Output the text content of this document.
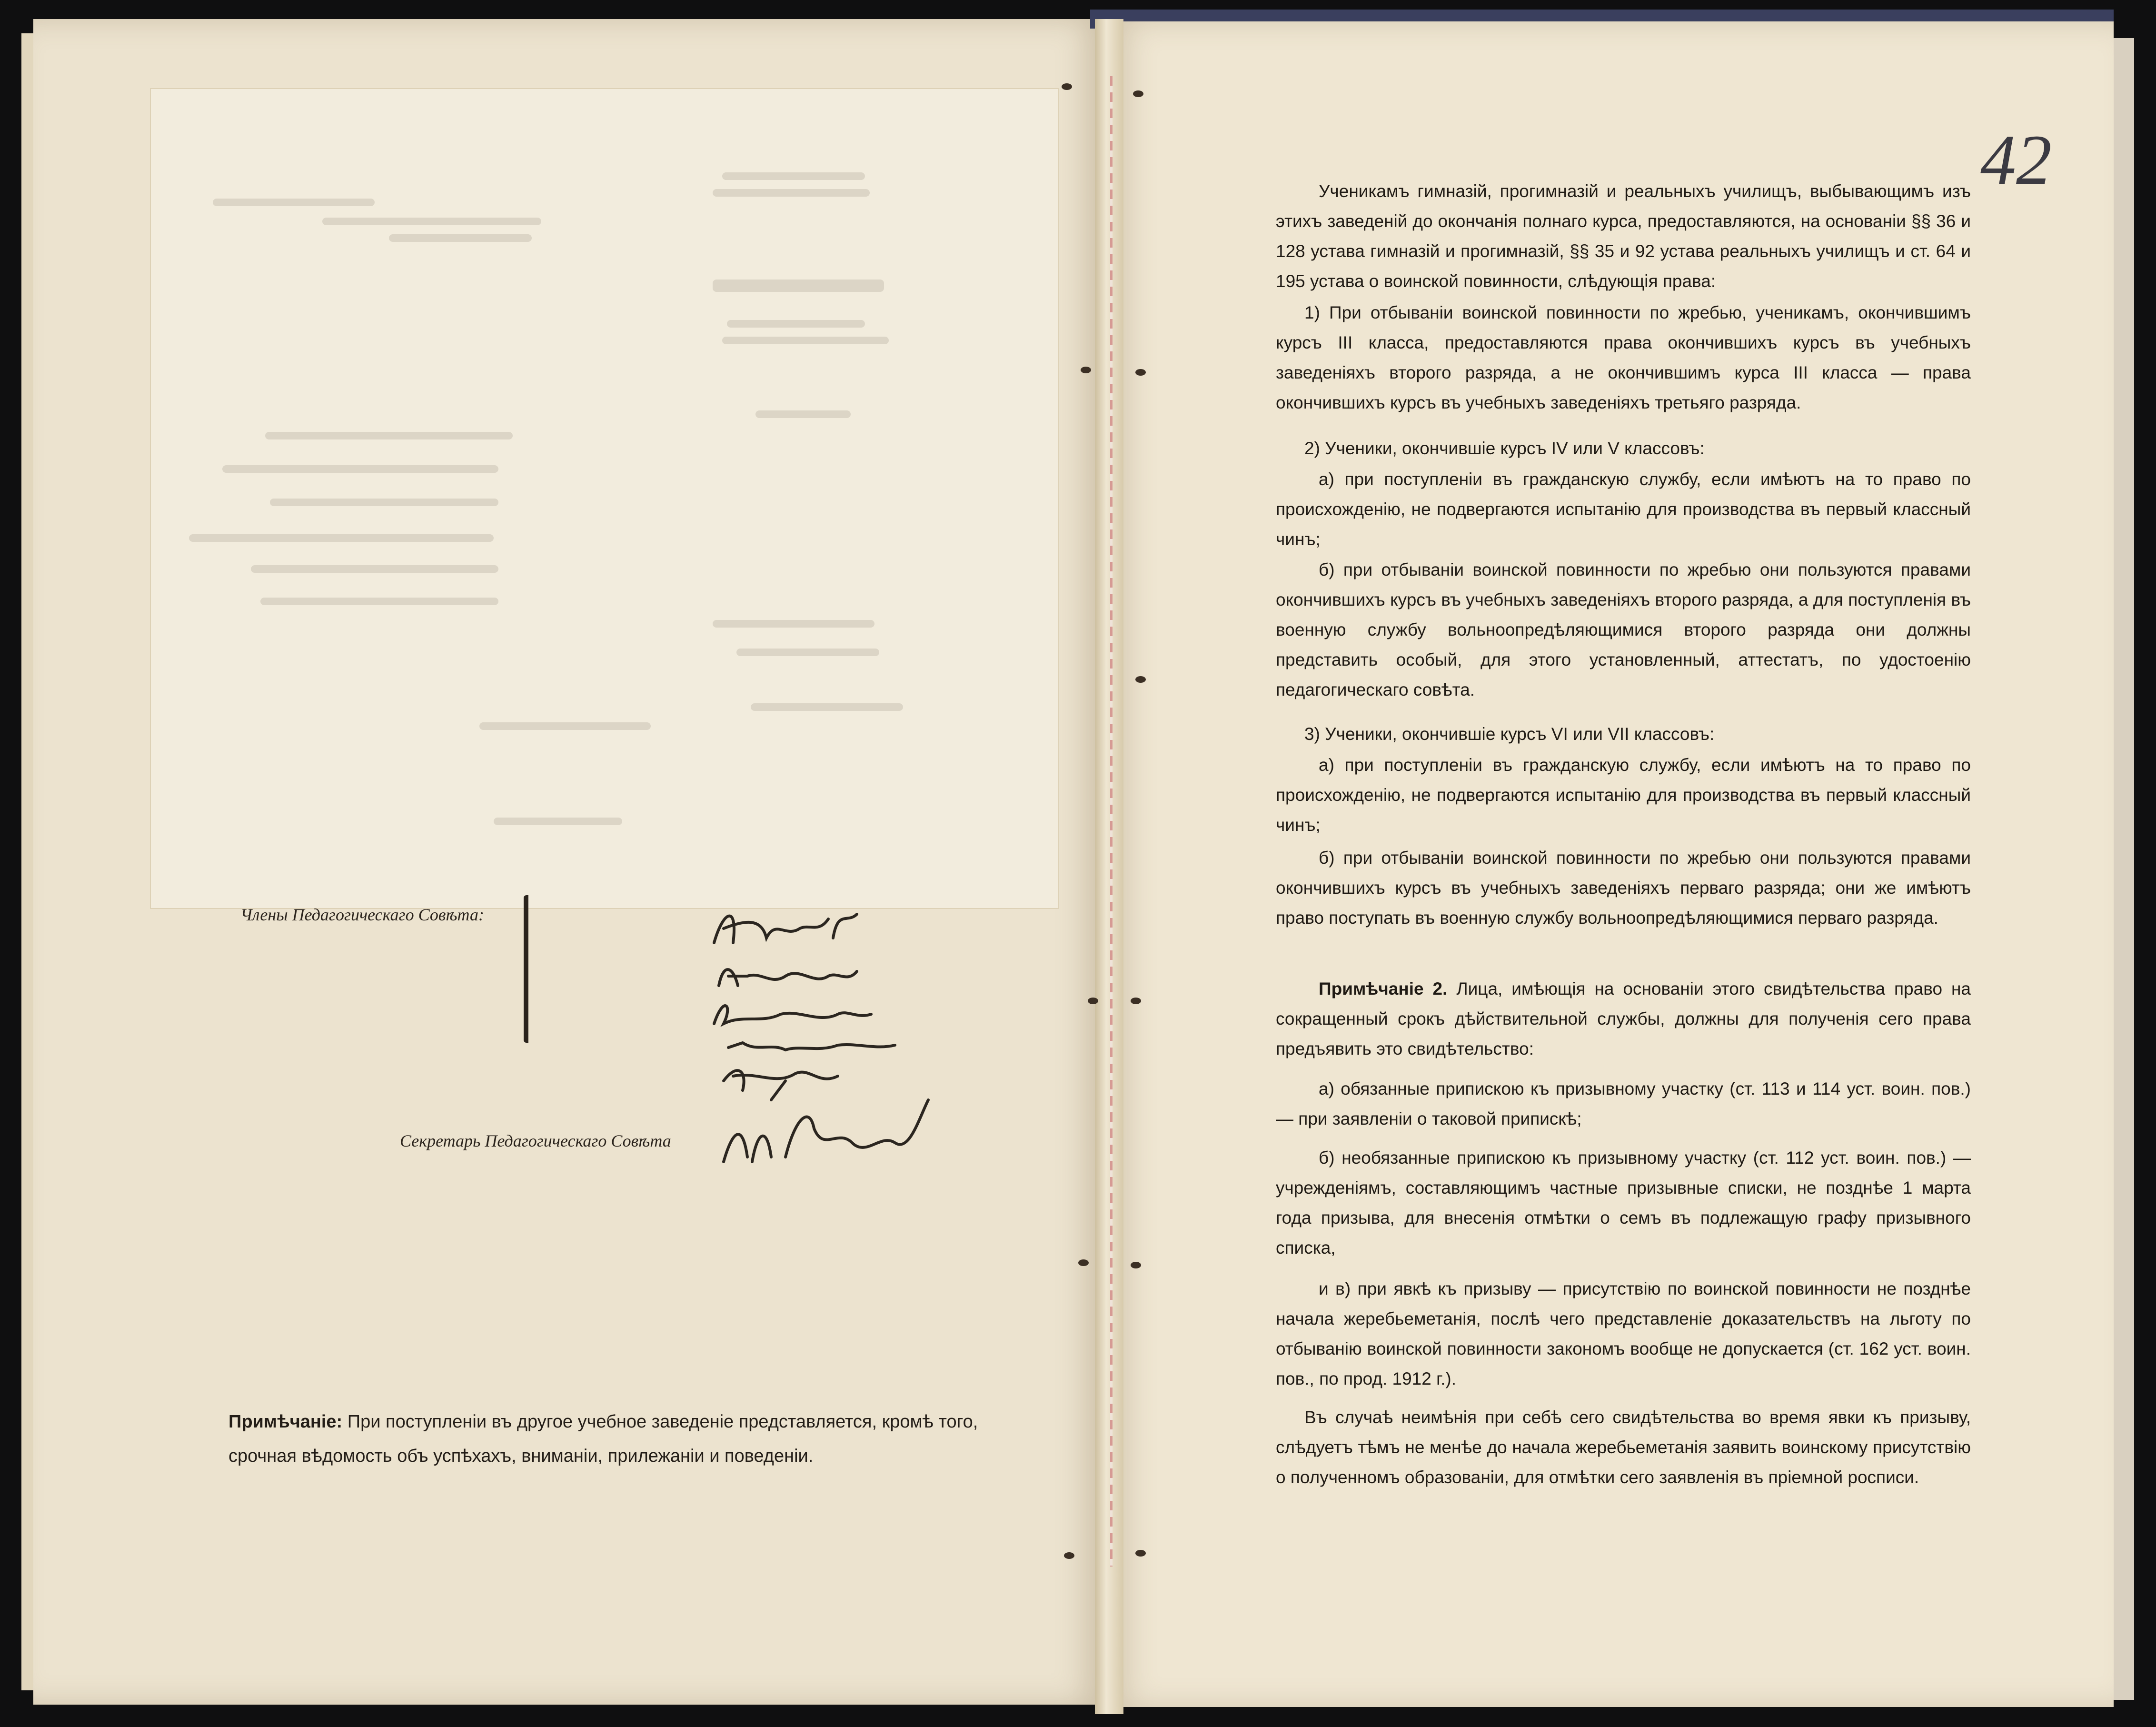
Члены Педагогическаго Совѣта:
Секретарь Педагогическаго Совѣта
Примѣчаніе: При поступленіи въ другое учебное заведеніе представляется, кромѣ того, срочная вѣдомость объ успѣхахъ, вниманіи, прилежаніи и поведеніи.
42
Ученикамъ гимназій, прогимназій и реальныхъ училищъ, выбывающимъ изъ этихъ заведеній до окончанія полнаго курса, предоставляются, на основаніи §§ 36 и 128 устава гимназій и прогимназій, §§ 35 и 92 устава реальныхъ училищъ и ст. 64 и 195 устава о воинской повинности, слѣдующія права:
1) При отбываніи воинской повинности по жребью, ученикамъ, окончившимъ курсъ III класса, предоставляются права окончившихъ курсъ въ учебныхъ заведеніяхъ второго разряда, а не окончившимъ курса III класса — права окончившихъ курсъ въ учебныхъ заведеніяхъ третьяго разряда.
2) Ученики, окончившіе курсъ IV или V классовъ:
а) при поступленіи въ гражданскую службу, если имѣютъ на то право по происхожденію, не подвергаются испытанію для производства въ первый классный чинъ;
б) при отбываніи воинской повинности по жребью они пользуются правами окончившихъ курсъ въ учебныхъ заведеніяхъ второго разряда, а для поступленія въ военную службу вольноопредѣляющимися второго разряда они должны представить особый, для этого установленный, аттестатъ, по удостоенію педагогическаго совѣта.
3) Ученики, окончившіе курсъ VI или VII классовъ:
а) при поступленіи въ гражданскую службу, если имѣютъ на то право по происхожденію, не подвергаются испытанію для производства въ первый классный чинъ;
б) при отбываніи воинской повинности по жребью они пользуются правами окончившихъ курсъ въ учебныхъ заведеніяхъ перваго разряда; они же имѣютъ право поступать въ военную службу вольноопредѣляющимися перваго разряда.
Примѣчаніе 2. Лица, имѣющія на основаніи этого свидѣтельства право на сокращенный срокъ дѣйствительной службы, должны для полученія сего права предъявить это свидѣтельство:
а) обязанные припискою къ призывному участку (ст. 113 и 114 уст. воин. пов.) — при заявленіи о таковой припискѣ;
б) необязанные припискою къ призывному участку (ст. 112 уст. воин. пов.) — учрежденіямъ, составляющимъ частные призывные списки, не позднѣе 1 марта года призыва, для внесенія отмѣтки о семъ въ подлежащую графу призывного списка,
и в) при явкѣ къ призыву — присутствію по воинской повинности не позднѣе начала жеребьеметанія, послѣ чего представленіе доказательствъ на льготу по отбыванію воинской повинности закономъ вообще не допускается (ст. 162 уст. воин. пов., по прод. 1912 г.).
Въ случаѣ неимѣнія при себѣ сего свидѣтельства во время явки къ призыву, слѣдуетъ тѣмъ не менѣе до начала жеребьеметанія заявить воинскому присутствію о полученномъ образованіи, для отмѣтки сего заявленія въ пріемной росписи.
